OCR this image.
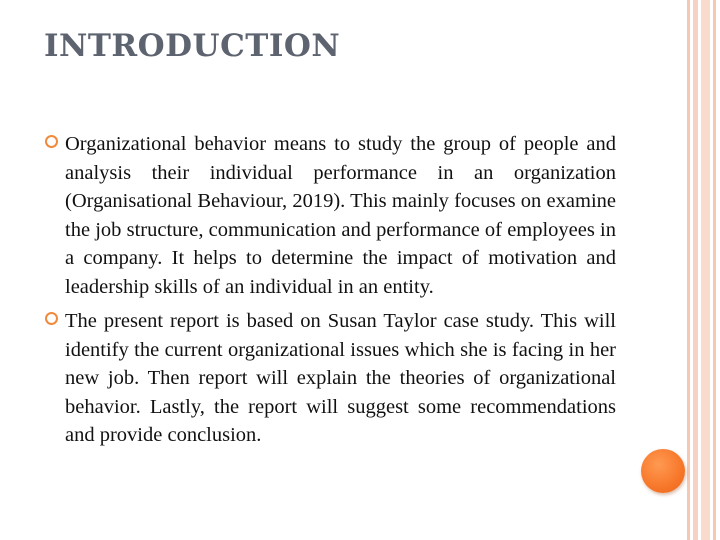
INTRODUCTION
Organizational behavior means to study the group of people and analysis their individual performance in an organization (Organisational Behaviour, 2019). This mainly focuses on examine the job structure, communication and performance of employees in a company. It helps to determine the impact of motivation and leadership skills of an individual in an entity.
The present report is based on Susan Taylor case study. This will identify the current organizational issues which she is facing in her new job. Then report will explain the theories of organizational behavior. Lastly, the report will suggest some recommendations and provide conclusion.
